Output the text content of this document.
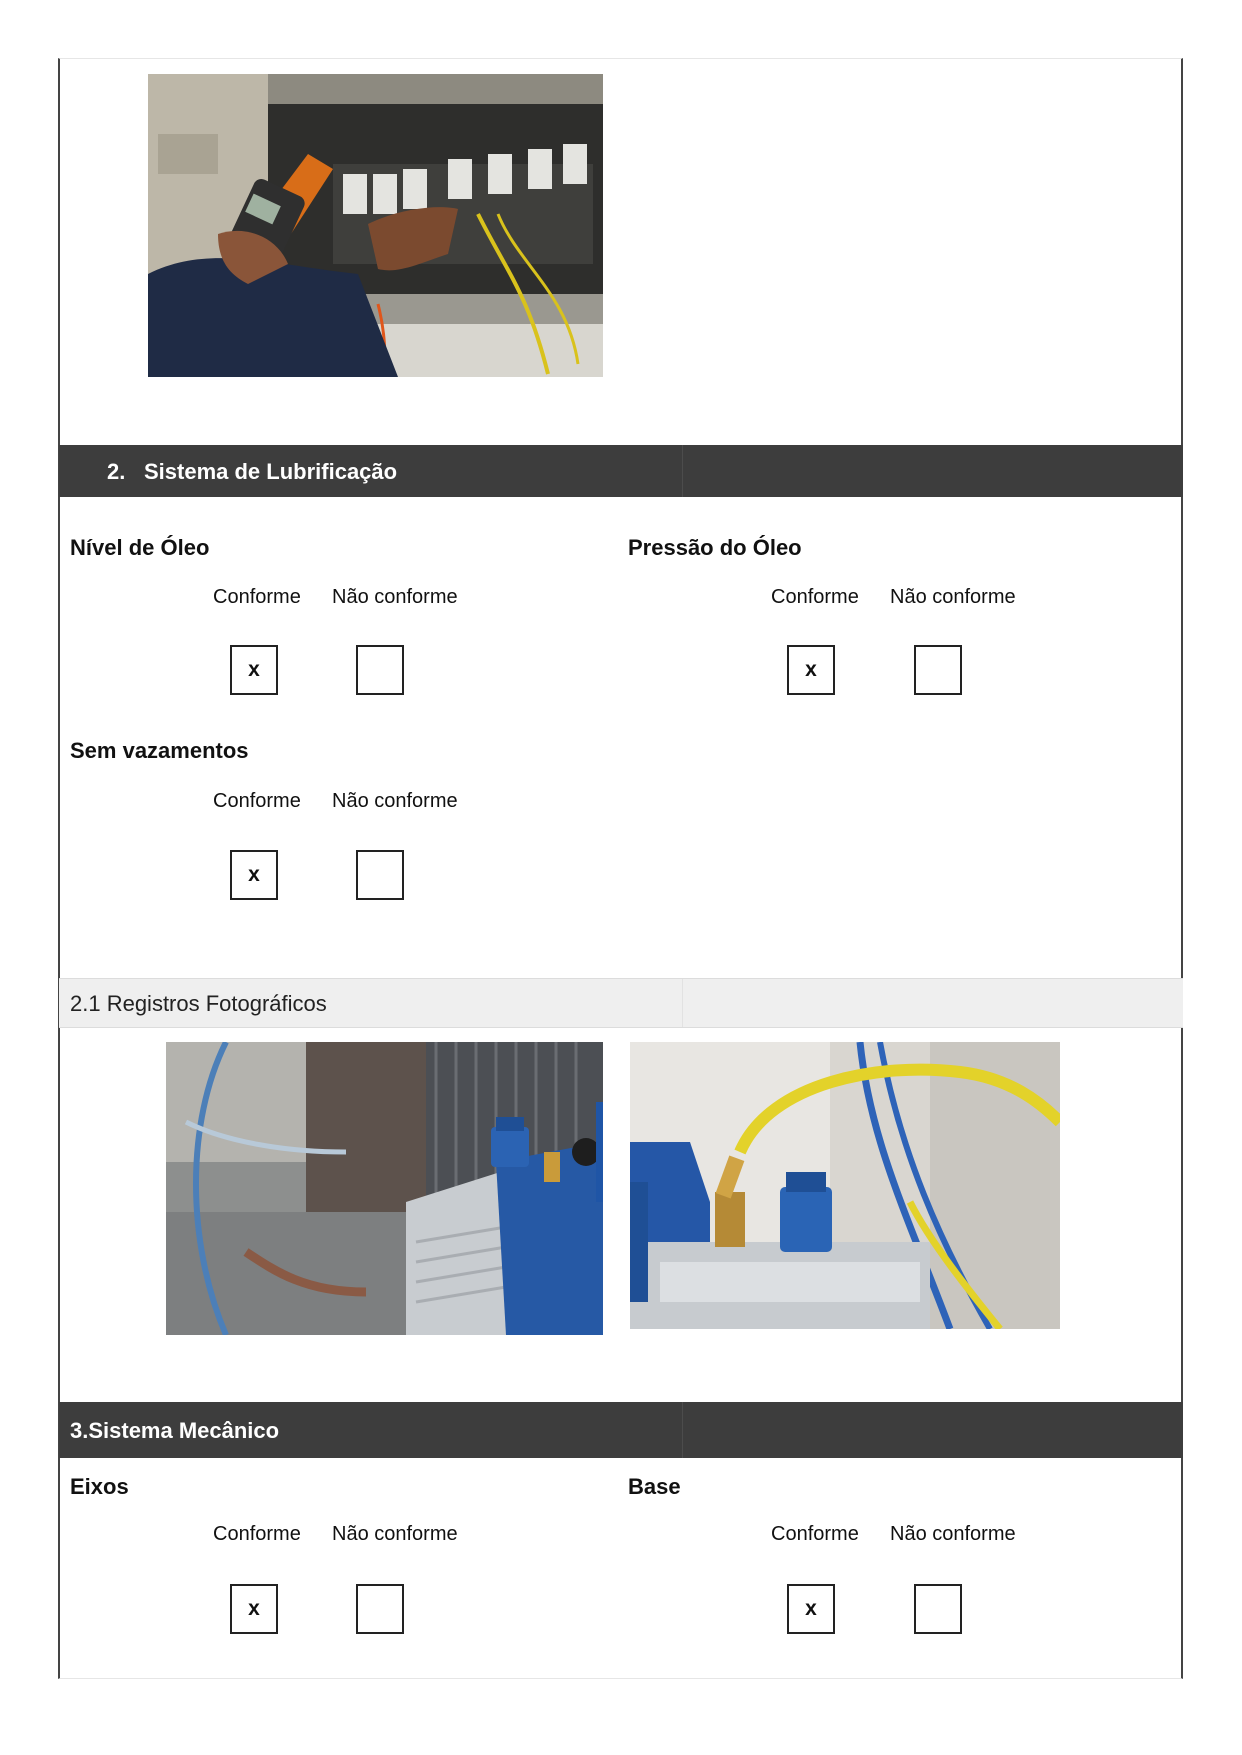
2. Sistema de Lubrificação
Nível de Óleo
Conforme Não conforme
x
Pressão do Óleo
Conforme Não conforme
x
Sem vazamentos
Conforme Não conforme
x
2.1 Registros Fotográficos
3.Sistema Mecânico
Eixos
Conforme Não conforme
x
Base
Conforme Não conforme
x
